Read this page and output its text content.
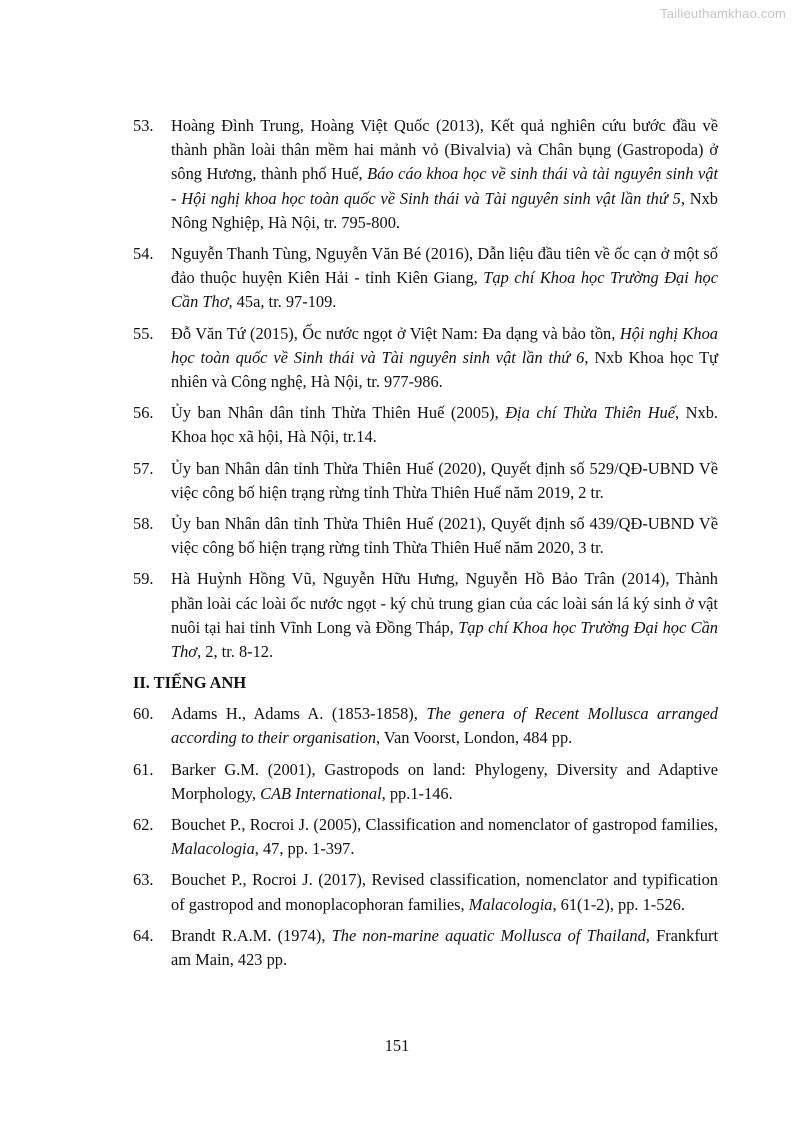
Tailieuthamkhao.com
53. Hoàng Đình Trung, Hoàng Việt Quốc (2013), Kết quả nghiên cứu bước đầu về thành phần loài thân mềm hai mảnh vỏ (Bivalvia) và Chân bụng (Gastropoda) ở sông Hương, thành phố Huế, Báo cáo khoa học về sinh thái và tài nguyên sinh vật - Hội nghị khoa học toàn quốc về Sinh thái và Tài nguyên sinh vật lần thứ 5, Nxb Nông Nghiệp, Hà Nội, tr. 795-800.
54. Nguyễn Thanh Tùng, Nguyễn Văn Bé (2016), Dẫn liệu đầu tiên về ốc cạn ở một số đảo thuộc huyện Kiên Hải - tỉnh Kiên Giang, Tạp chí Khoa học Trường Đại học Cần Thơ, 45a, tr. 97-109.
55. Đỗ Văn Tứ (2015), Ốc nước ngọt ở Việt Nam: Đa dạng và bảo tồn, Hội nghị Khoa học toàn quốc về Sinh thái và Tài nguyên sinh vật lần thứ 6, Nxb Khoa học Tự nhiên và Công nghệ, Hà Nội, tr. 977-986.
56. Ủy ban Nhân dân tỉnh Thừa Thiên Huế (2005), Địa chí Thừa Thiên Huế, Nxb. Khoa học xã hội, Hà Nội, tr.14.
57. Ủy ban Nhân dân tỉnh Thừa Thiên Huế (2020), Quyết định số 529/QĐ-UBND Về việc công bố hiện trạng rừng tỉnh Thừa Thiên Huế năm 2019, 2 tr.
58. Ủy ban Nhân dân tỉnh Thừa Thiên Huế (2021), Quyết định số 439/QĐ-UBND Về việc công bố hiện trạng rừng tỉnh Thừa Thiên Huế năm 2020, 3 tr.
59. Hà Huỳnh Hồng Vũ, Nguyễn Hữu Hưng, Nguyễn Hồ Bảo Trân (2014), Thành phần loài các loài ốc nước ngọt - ký chủ trung gian của các loài sán lá ký sinh ở vật nuôi tại hai tỉnh Vĩnh Long và Đồng Tháp, Tạp chí Khoa học Trường Đại học Cần Thơ, 2, tr. 8-12.
II. TIẾNG ANH
60. Adams H., Adams A. (1853-1858), The genera of Recent Mollusca arranged according to their organisation, Van Voorst, London, 484 pp.
61. Barker G.M. (2001), Gastropods on land: Phylogeny, Diversity and Adaptive Morphology, CAB International, pp.1-146.
62. Bouchet P., Rocroi J. (2005), Classification and nomenclator of gastropod families, Malacologia, 47, pp. 1-397.
63. Bouchet P., Rocroi J. (2017), Revised classification, nomenclator and typification of gastropod and monoplacophoran families, Malacologia, 61(1-2), pp. 1-526.
64. Brandt R.A.M. (1974), The non-marine aquatic Mollusca of Thailand, Frankfurt am Main, 423 pp.
151
